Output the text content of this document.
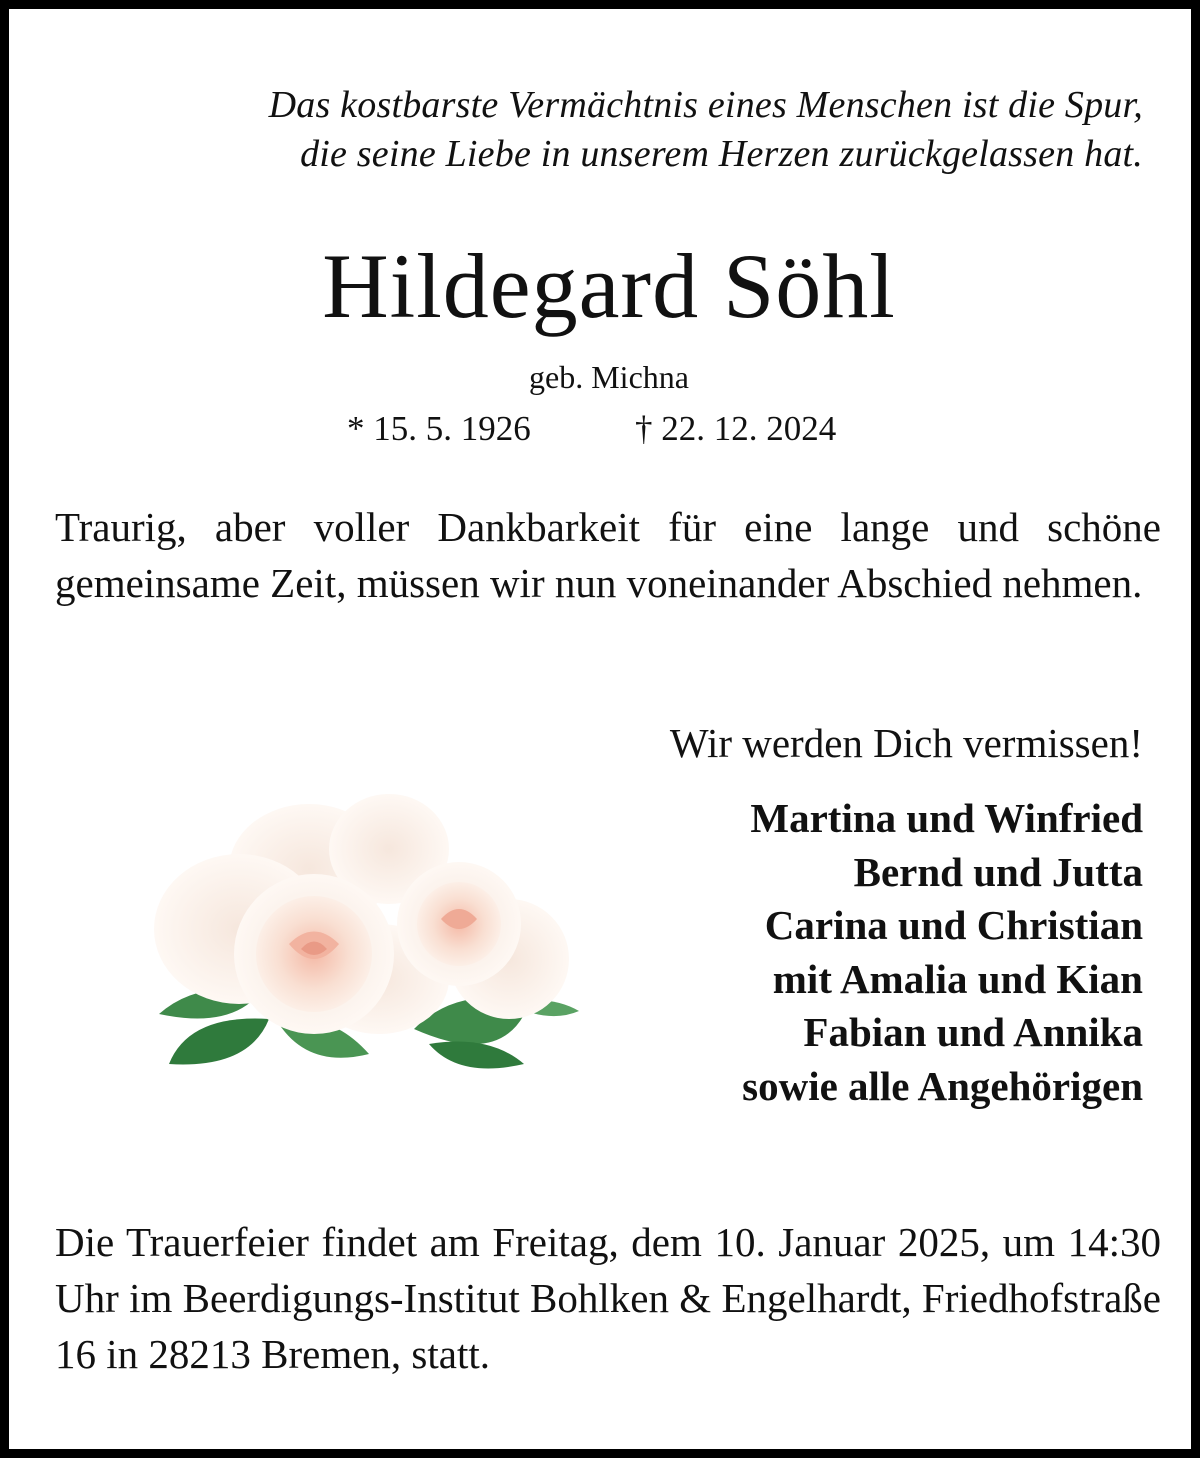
Das kostbarste Vermächtnis eines Menschen ist die Spur,
die seine Liebe in unserem Herzen zurückgelassen hat.
Hildegard Söhl
geb. Michna
* 15. 5. 1926	† 22. 12. 2024
Traurig, aber voller Dankbarkeit für eine lange und schöne gemeinsame Zeit, müssen wir nun voneinander Abschied nehmen.
Wir werden Dich vermissen!
Martina und Winfried
Bernd und Jutta
Carina und Christian
mit Amalia und Kian
Fabian und Annika
sowie alle Angehörigen
Die Trauerfeier findet am Freitag, dem 10. Januar 2025, um 14:30 Uhr im Beerdigungs-Institut Bohlken & Engelhardt, Friedhofstraße 16 in 28213 Bremen, statt.
